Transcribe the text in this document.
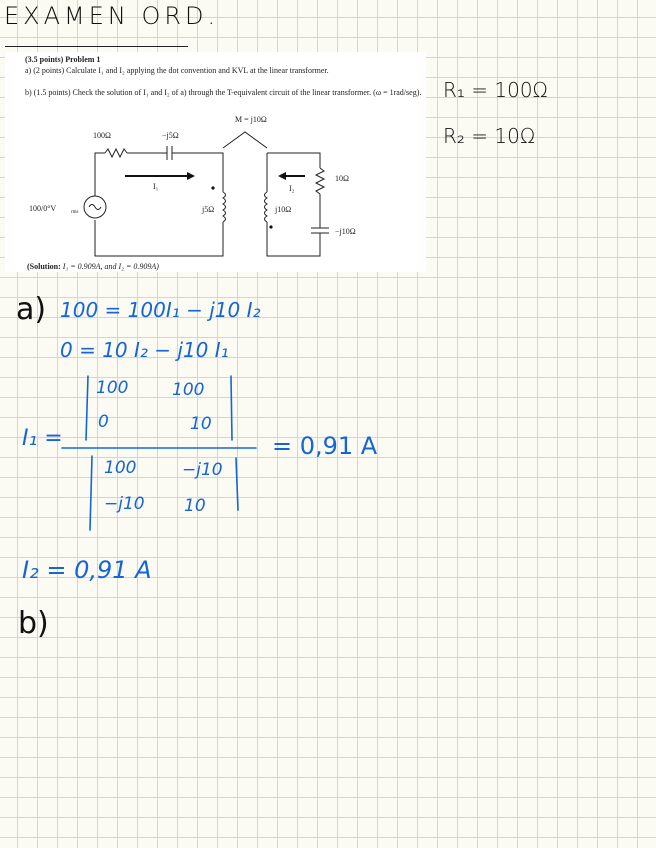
EXAMEN ORD.
(3.5 points) Problem 1
a) (2 points) Calculate I₁ and I₂ applying the dot convention and KVL at the linear transformer.
b) (1.5 points) Check the solution of I₁ and I₂ of a) through the T-equivalent circuit of the linear transformer. (ω = 1rad/seg).
100Ω	−j5Ω
M = j10Ω
I₁
100/0°V	rms	j5Ω	j10Ω
I₂
10Ω
−j10Ω
(Solution: I₁ = 0.909A, and I₂ = 0.909A)
R₁ = 100Ω
R₂ = 10Ω
a) 100 = 100I₁ − j10 I₂
0 = 10 I₂ − j10 I₁
I₁ =
100	100
0	10
100	−j10
−j10 10
= 0,91 A
I₂ = 0,91 A
b)
